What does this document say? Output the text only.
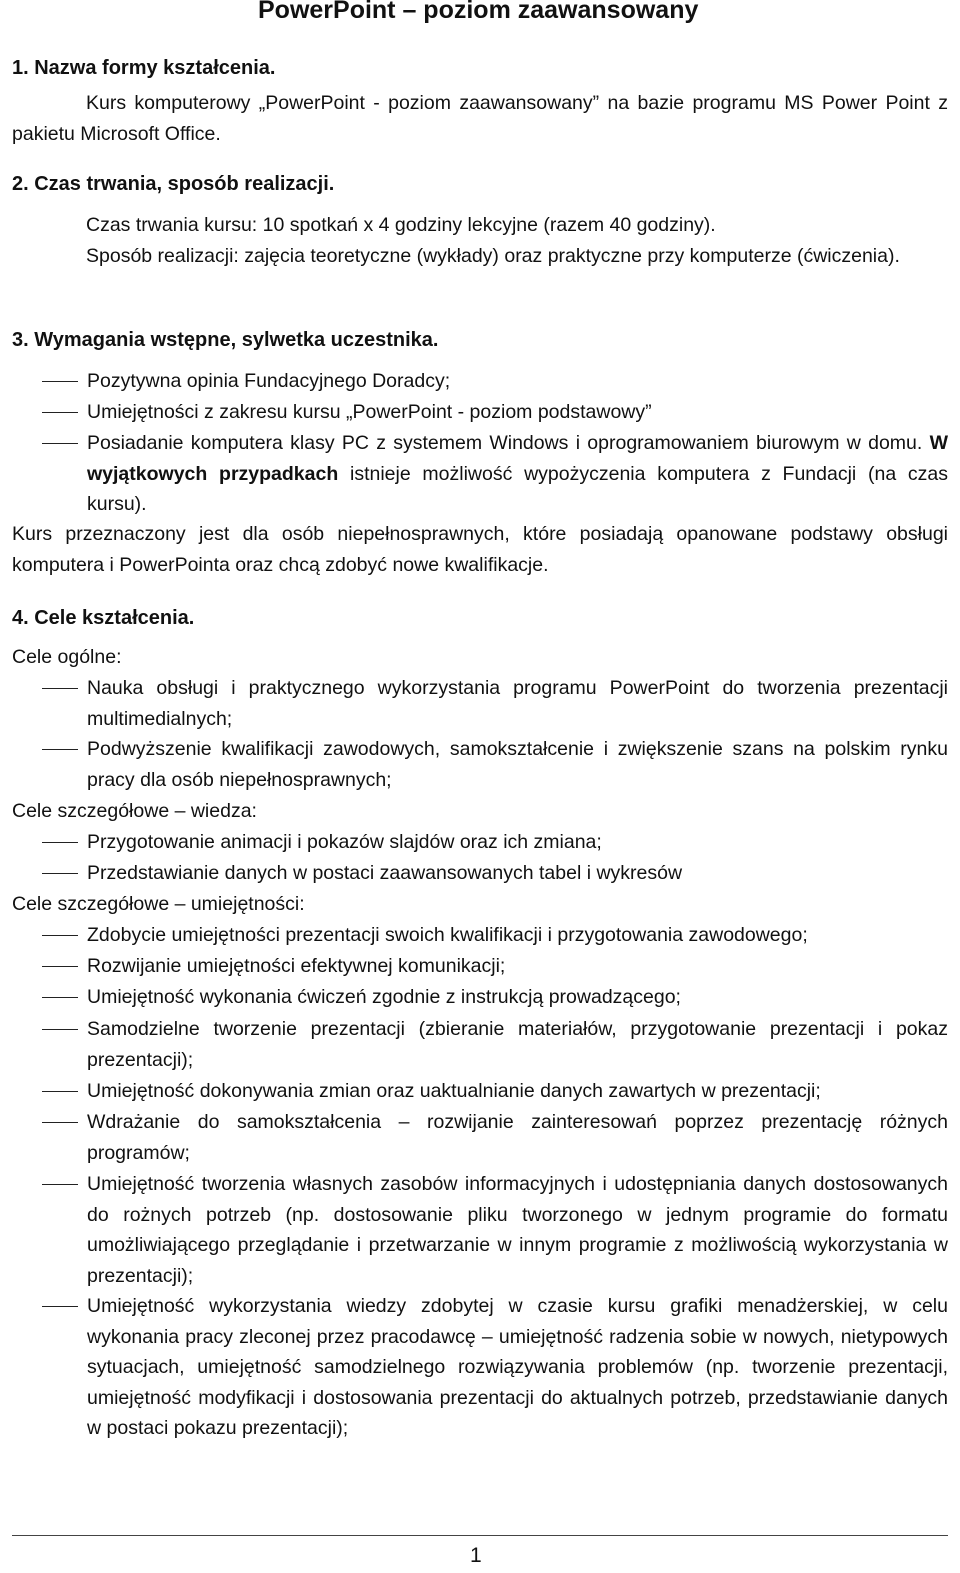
PowerPoint – poziom zaawansowany
1. Nazwa formy kształcenia.
Kurs komputerowy „PowerPoint - poziom zaawansowany” na bazie programu MS Power Point z pakietu Microsoft Office.
2. Czas trwania, sposób realizacji.
Czas trwania kursu: 10 spotkań x 4 godziny lekcyjne (razem 40 godziny).
Sposób realizacji: zajęcia teoretyczne (wykłady) oraz praktyczne przy komputerze (ćwiczenia).
3. Wymagania wstępne, sylwetka uczestnika.
Pozytywna opinia Fundacyjnego Doradcy;
Umiejętności z zakresu kursu „PowerPoint - poziom podstawowy”
Posiadanie komputera klasy PC z systemem Windows i oprogramowaniem biurowym w domu. W wyjątkowych przypadkach istnieje możliwość wypożyczenia komputera z Fundacji (na czas kursu).
Kurs przeznaczony jest dla osób niepełnosprawnych, które posiadają opanowane podstawy obsługi komputera i PowerPointa oraz chcą zdobyć nowe kwalifikacje.
4. Cele kształcenia.
Cele ogólne:
Nauka obsługi i praktycznego wykorzystania programu PowerPoint do tworzenia prezentacji multimedialnych;
Podwyższenie kwalifikacji zawodowych, samokształcenie i zwiększenie szans na polskim rynku pracy dla osób niepełnosprawnych;
Cele szczegółowe – wiedza:
Przygotowanie animacji i pokazów slajdów oraz ich zmiana;
Przedstawianie danych w postaci zaawansowanych tabel i wykresów
Cele szczegółowe – umiejętności:
Zdobycie umiejętności prezentacji swoich kwalifikacji i przygotowania zawodowego;
Rozwijanie umiejętności efektywnej komunikacji;
Umiejętność wykonania ćwiczeń zgodnie z instrukcją prowadzącego;
Samodzielne tworzenie prezentacji (zbieranie materiałów, przygotowanie prezentacji i pokaz prezentacji);
Umiejętność dokonywania zmian oraz uaktualnianie danych zawartych w prezentacji;
Wdrażanie do samokształcenia – rozwijanie zainteresowań poprzez prezentację różnych programów;
Umiejętność tworzenia własnych zasobów informacyjnych i udostępniania danych dostosowanych do rożnych potrzeb (np. dostosowanie pliku tworzonego w jednym programie do formatu umożliwiającego przeglądanie i przetwarzanie w innym programie z możliwością wykorzystania w prezentacji);
Umiejętność wykorzystania wiedzy zdobytej w czasie kursu grafiki menadżerskiej, w celu wykonania pracy zleconej przez pracodawcę – umiejętność radzenia sobie w nowych, nietypowych sytuacjach, umiejętność samodzielnego rozwiązywania problemów (np. tworzenie prezentacji, umiejętność modyfikacji i dostosowania prezentacji do aktualnych potrzeb, przedstawianie danych w postaci pokazu prezentacji);
1
